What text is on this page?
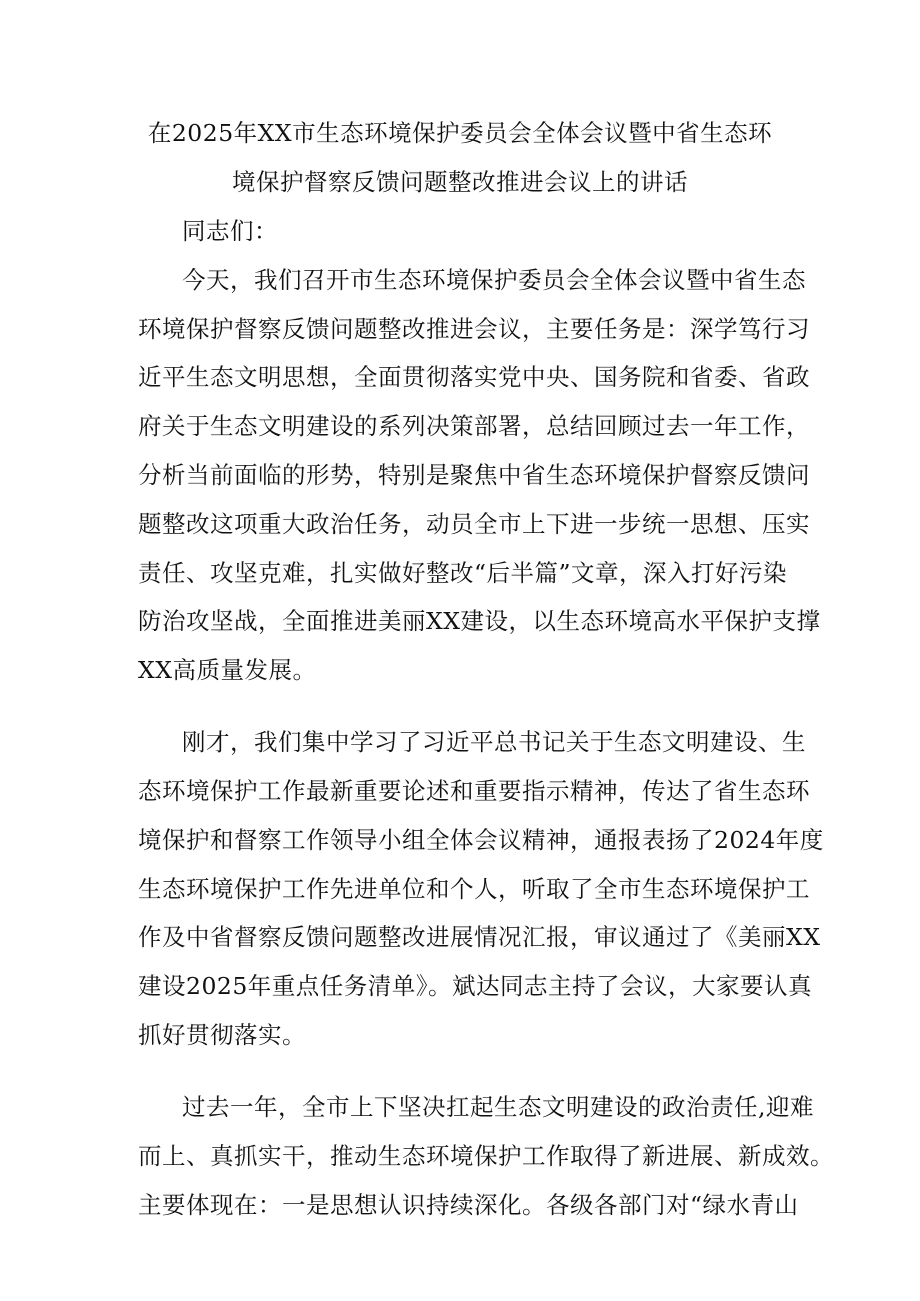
在2025年XX市生态环境保护委员会全体会议暨中省生态环
境保护督察反馈问题整改推进会议上的讲话
同志们：
今天，我们召开市生态环境保护委员会全体会议暨中省生态
环境保护督察反馈问题整改推进会议，主要任务是：深学笃行习
近平生态文明思想，全面贯彻落实党中央、国务院和省委、省政
府关于生态文明建设的系列决策部署，总结回顾过去一年工作，
分析当前面临的形势，特别是聚焦中省生态环境保护督察反馈问
题整改这项重大政治任务，动员全市上下进一步统一思想、压实
责任、攻坚克难，扎实做好整改“后半篇”文章，深入打好污染
防治攻坚战，全面推进美丽XX建设，以生态环境高水平保护支撑
XX高质量发展。
刚才，我们集中学习了习近平总书记关于生态文明建设、生
态环境保护工作最新重要论述和重要指示精神，传达了省生态环
境保护和督察工作领导小组全体会议精神，通报表扬了2024年度
生态环境保护工作先进单位和个人，听取了全市生态环境保护工
作及中省督察反馈问题整改进展情况汇报，审议通过了《美丽XX
建设2025年重点任务清单》。斌达同志主持了会议，大家要认真
抓好贯彻落实。
过去一年，全市上下坚决扛起生态文明建设的政治责任,迎难
而上、真抓实干，推动生态环境保护工作取得了新进展、新成效。
主要体现在：一是思想认识持续深化。各级各部门对“绿水青山
